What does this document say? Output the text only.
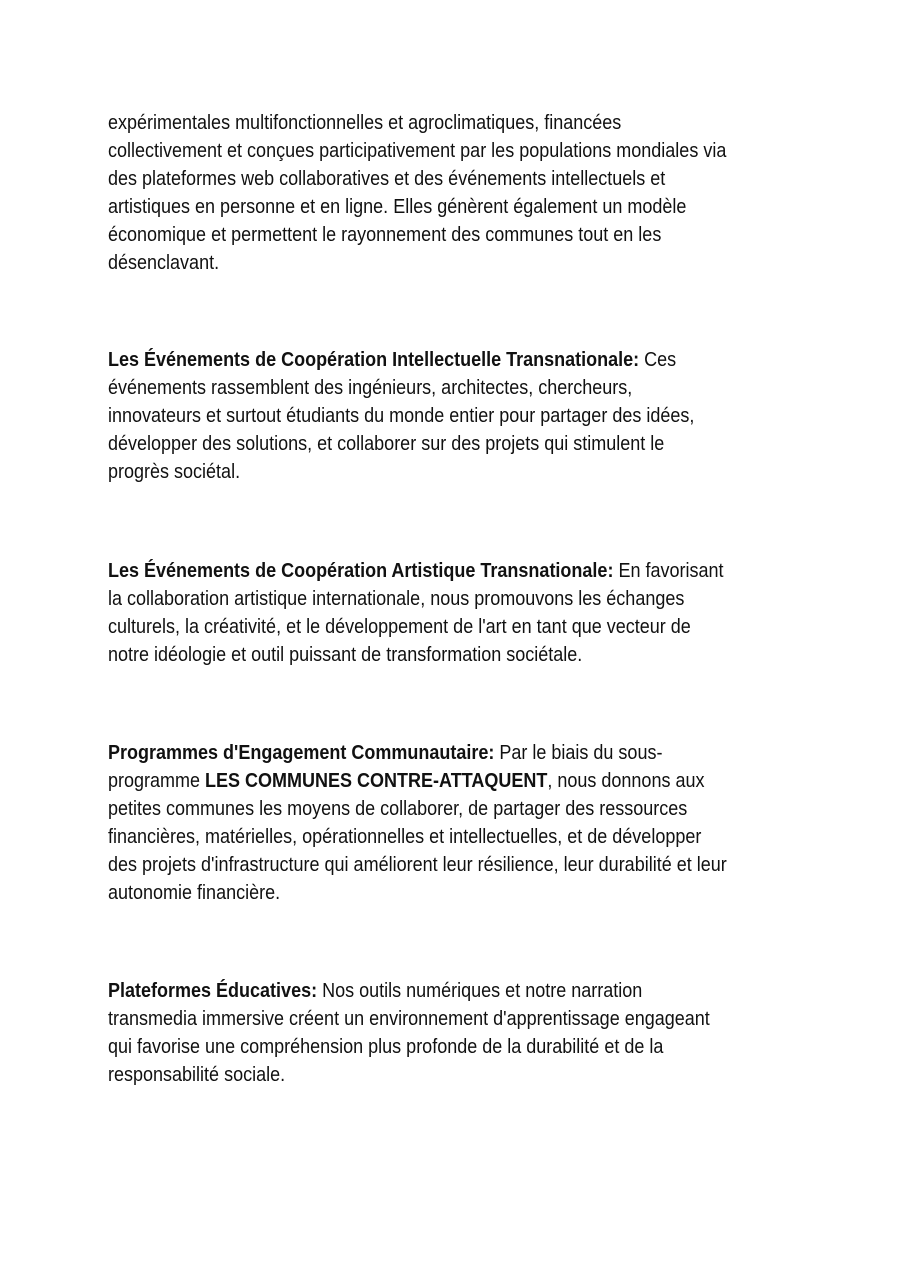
expérimentales multifonctionnelles et agroclimatiques, financées
collectivement et conçues participativement par les populations mondiales via
des plateformes web collaboratives et des événements intellectuels et
artistiques en personne et en ligne. Elles génèrent également un modèle
économique et permettent le rayonnement des communes tout en les
désenclavant.

Les Événements de Coopération Intellectuelle Transnationale: Ces
événements rassemblent des ingénieurs, architectes, chercheurs,
innovateurs et surtout étudiants du monde entier pour partager des idées,
développer des solutions, et collaborer sur des projets qui stimulent le
progrès sociétal.

Les Événements de Coopération Artistique Transnationale: En favorisant
la collaboration artistique internationale, nous promouvons les échanges
culturels, la créativité, et le développement de l'art en tant que vecteur de
notre idéologie et outil puissant de transformation sociétale.

Programmes d'Engagement Communautaire: Par le biais du sous-
programme LES COMMUNES CONTRE-ATTAQUENT, nous donnons aux
petites communes les moyens de collaborer, de partager des ressources
financières, matérielles, opérationnelles et intellectuelles, et de développer
des projets d'infrastructure qui améliorent leur résilience, leur durabilité et leur
autonomie financière.

Plateformes Éducatives: Nos outils numériques et notre narration
transmedia immersive créent un environnement d'apprentissage engageant
qui favorise une compréhension plus profonde de la durabilité et de la
responsabilité sociale.
